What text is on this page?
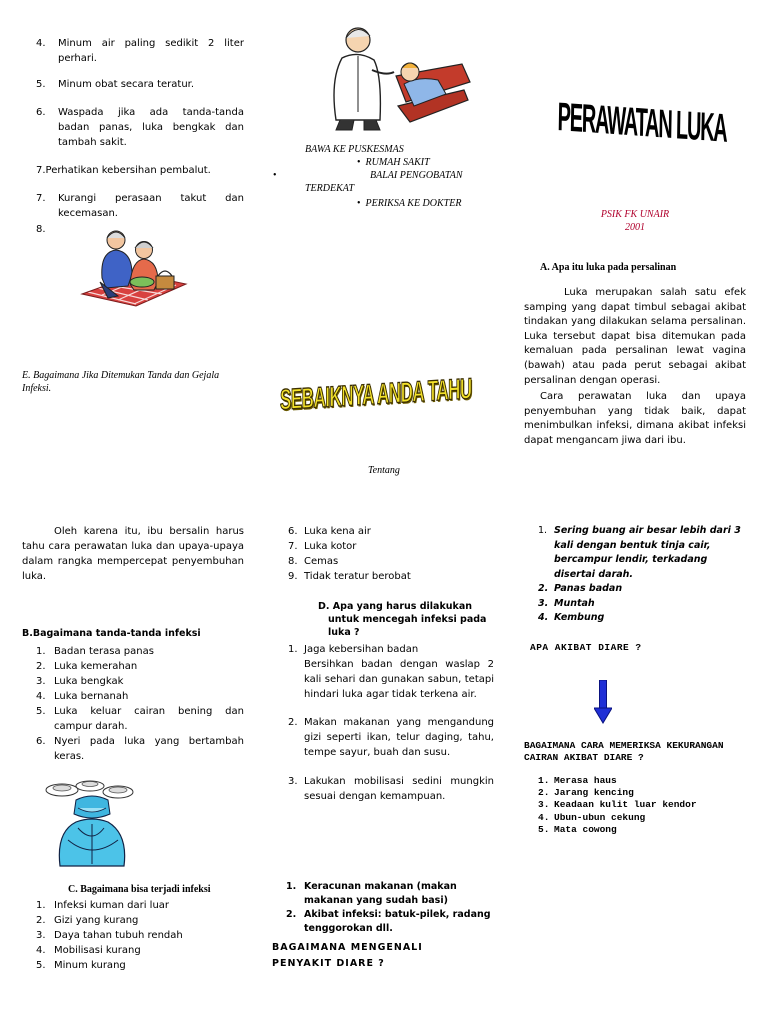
4. Minum air paling sedikit 2 liter perhari.
5. Minum obat secara teratur.
6. Waspada jika ada tanda-tanda badan panas, luka bengkak dan tambah sakit.
7.Perhatikan kebersihan pembalut.
7. Kurangi perasaan takut dan kecemasan.
8.
E. Bagaimana Jika Ditemukan Tanda dan Gejala Infeksi.
BAWA KE PUSKESMAS
•  RUMAH SAKIT
•	BALAI PENGOBATAN
TERDEKAT
•  PERIKSA KE DOKTER
SEBAIKNYA ANDA TAHU
Tentang
PERAWATAN LUKA
PSIK FK UNAIR
2001
A. Apa itu luka pada persalinan
Luka merupakan salah satu efek samping yang dapat timbul sebagai akibat tindakan yang dilakukan selama persalinan. Luka tersebut dapat bisa ditemukan pada kemaluan pada persalinan lewat vagina (bawah) atau pada perut sebagai akibat persalinan dengan operasi.
Cara perawatan luka dan upaya penyembuhan yang tidak baik, dapat menimbulkan infeksi, dimana akibat infeksi dapat mengancam jiwa dari ibu.
Oleh karena itu, ibu bersalin harus tahu cara perawatan luka dan upaya-upaya dalam rangka mempercepat penyembuhan luka.
B.Bagaimana tanda-tanda infeksi
1. Badan terasa panas
2. Luka kemerahan
3. Luka bengkak
4. Luka bernanah
5. Luka keluar cairan bening dan campur darah.
6. Nyeri pada luka yang bertambah keras.
C. Bagaimana bisa terjadi infeksi
1. Infeksi kuman dari luar
2. Gizi yang kurang
3. Daya tahan tubuh rendah
4. Mobilisasi kurang
5. Minum kurang
6. Luka kena air
7. Luka kotor
8. Cemas
9. Tidak teratur berobat
D. Apa yang harus dilakukan untuk mencegah infeksi pada luka ?
1. Jaga kebersihan badan
Bersihkan badan dengan waslap 2 kali sehari dan gunakan sabun, tetapi hindari luka agar tidak terkena air.
2. Makan makanan yang mengandung gizi seperti ikan, telur daging, tahu, tempe sayur, buah dan susu.
3. Lakukan mobilisasi sedini mungkin sesuai dengan kemampuan.
1. Keracunan makanan (makan makanan yang sudah basi)
2. Akibat infeksi: batuk-pilek, radang tenggorokan dll.
BAGAIMANA MENGENALI PENYAKIT DIARE ?
1. Sering buang air besar lebih dari 3 kali dengan bentuk tinja cair, bercampur lendir, terkadang disertai darah.
2. Panas badan
3. Muntah
4. Kembung
APA AKIBAT DIARE ?
BAGAIMANA CARA MEMERIKSA KEKURANGAN CAIRAN AKIBAT DIARE ?
1. Merasa haus
2. Jarang kencing
3. Keadaan kulit luar kendor
4. Ubun-ubun cekung
5. Mata cowong
